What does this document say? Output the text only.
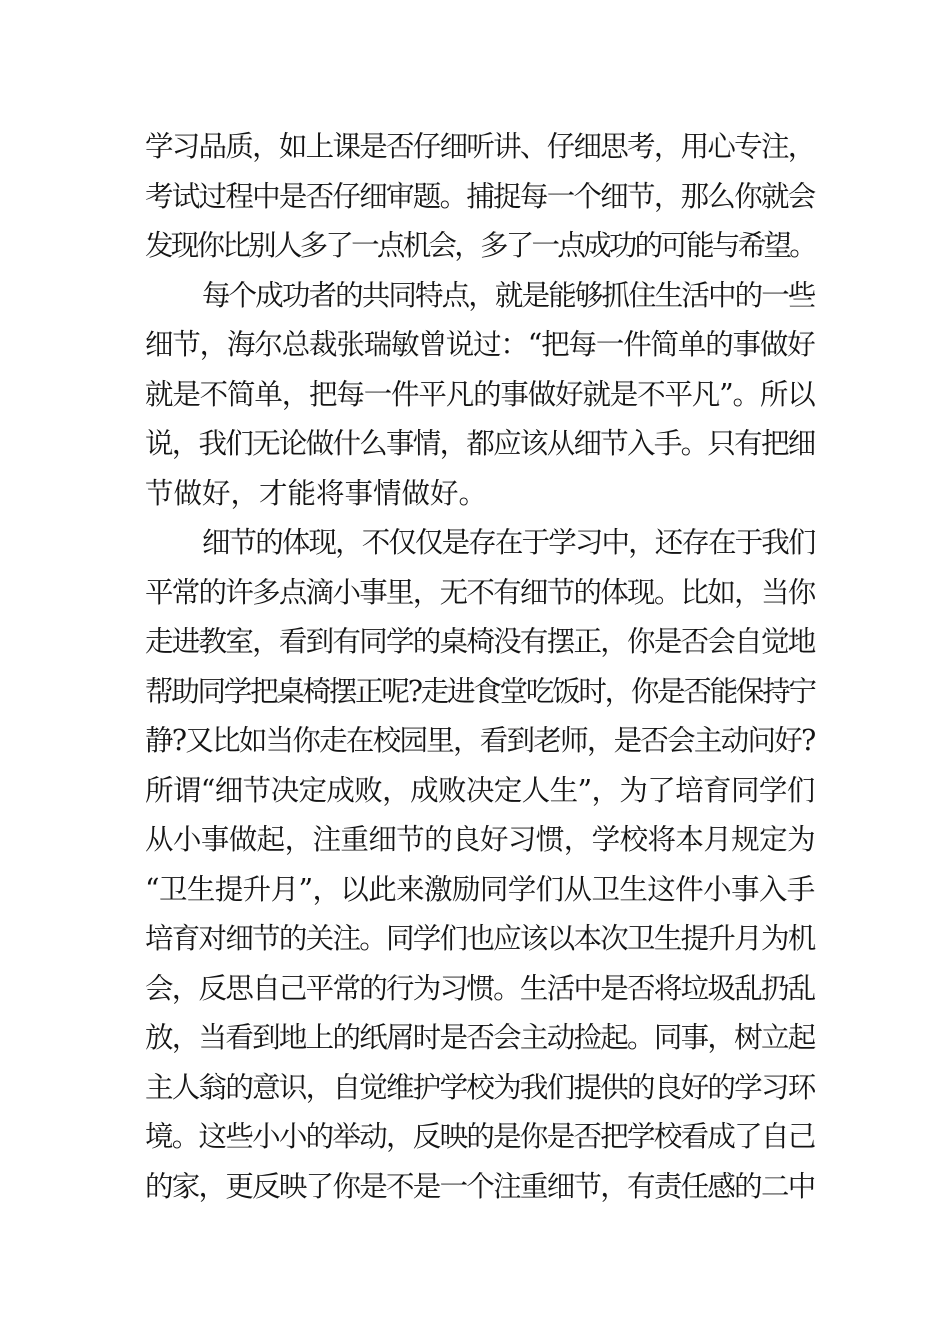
学习品质，如上课是否仔细听讲、仔细思考，用心专注，
考试过程中是否仔细审题。捕捉每一个细节，那么你就会
发现你比别人多了一点机会，多了一点成功的可能与希望。
每个成功者的共同特点，就是能够抓住生活中的一些
细节，海尔总裁张瑞敏曾说过：“把每一件简单的事做好
就是不简单，把每一件平凡的事做好就是不平凡”。所以
说，我们无论做什么事情，都应该从细节入手。只有把细
节做好，才能将事情做好。
细节的体现，不仅仅是存在于学习中，还存在于我们
平常的许多点滴小事里，无不有细节的体现。比如，当你
走进教室，看到有同学的桌椅没有摆正，你是否会自觉地
帮助同学把桌椅摆正呢?走进食堂吃饭时，你是否能保持宁
静?又比如当你走在校园里，看到老师，是否会主动问好?
所谓“细节决定成败，成败决定人生”，为了培育同学们
从小事做起，注重细节的良好习惯，学校将本月规定为
“卫生提升月”，以此来激励同学们从卫生这件小事入手
培育对细节的关注。同学们也应该以本次卫生提升月为机
会，反思自己平常的行为习惯。生活中是否将垃圾乱扔乱
放，当看到地上的纸屑时是否会主动捡起。同事，树立起
主人翁的意识，自觉维护学校为我们提供的良好的学习环
境。这些小小的举动，反映的是你是否把学校看成了自己
的家，更反映了你是不是一个注重细节，有责任感的二中
